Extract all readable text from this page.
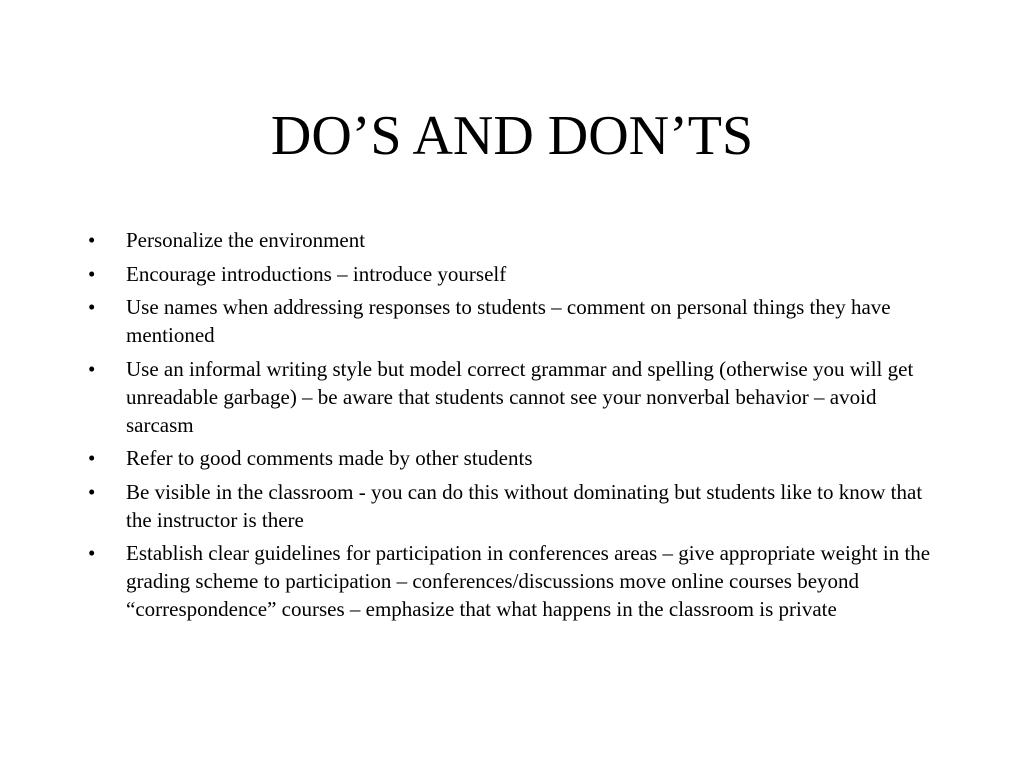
DO’S AND DON’TS
•	Personalize the environment
•	Encourage introductions – introduce yourself
•	Use names when addressing responses to students – comment on personal things they have mentioned
•	Use an informal writing style but model correct grammar and spelling (otherwise you will get unreadable garbage) – be aware that students cannot see your nonverbal behavior – avoid sarcasm
•	Refer to good comments made by other students
•	Be visible in the classroom - you can do this without dominating but students like to know that the instructor is there
•	Establish clear guidelines for participation in conferences areas – give appropriate weight in the grading scheme to participation – conferences/discussions move online courses beyond “correspondence” courses – emphasize that what happens in the classroom is private
